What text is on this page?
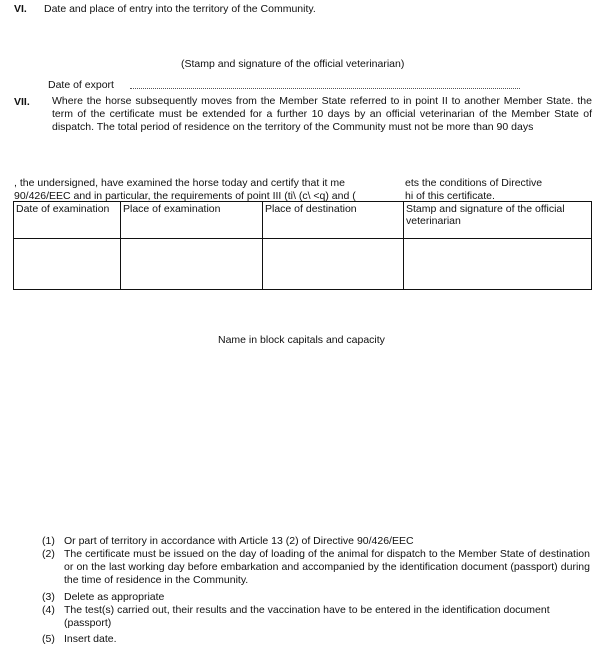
VI. Date and place of entry into the territory of the Community.
(Stamp and signature of the official veterinarian)
Date of export
VII. Where the horse subsequently moves from the Member State referred to in point II to another Member State. the term of the certificate must be extended for a further 10 days by an official veterinarian of the Member State of dispatch. The total period of residence on the territory of the Community must not be more than 90 days
, the undersigned, have examined the horse today and certify that it me	ets the conditions of Directive
90/426/EEC and in particular, the requirements of point III (ti\ (c\ <q) and (	hi of this certificate.
Date of examination	Place of examination	Place of destination	Stamp and signature of the official veterinarian

Name in block capitals and capacity
(1) Or part of territory in accordance with Article 13 (2) of Directive 90/426/EEC
(2) The certificate must be issued on the day of loading of the animal for dispatch to the Member State of destination or on the last working day before embarkation and accompanied by the identification document (passport) during the time of residence in the Community.
(3) Delete as appropriate
(4) The test(s) carried out, their results and the vaccination have to be entered in the identification document (passport)
(5) Insert date.
